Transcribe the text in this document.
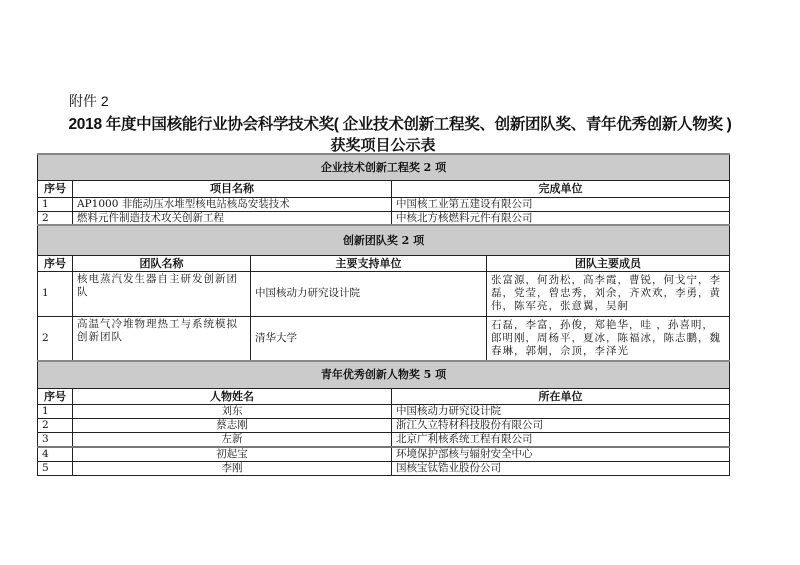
附件 2
2018 年度中国核能行业协会科学技术奖( 企业技术创新工程奖、创新团队奖、青年优秀创新人物奖 )
获奖项目公示表
企业技术创新工程奖 2 项		
序号	项目名称	完成单位
1	AP1000 非能动压水堆型核电站核岛安装技术	中国核工业第五建设有限公司
2	燃料元件制造技术攻关创新工程	中核北方核燃料元件有限公司
创新团队奖 2 项			
序号	团队名称	主要支持单位	团队主要成员
1	核电蒸汽发生器自主研发创新团队	中国核动力研究设计院	张富源，何劲松，高李霞，曹锐，何戈宁，李磊，党莹，曾忠秀，刘余，齐欢欢，李勇，黄伟，陈军亮，张意翼，吴舸
2	高温气冷堆物理热工与系统模拟创新团队	清华大学	石磊，李富，孙俊，郑艳华，哇 ，孙喜明，郎明刚，周杨平，夏冰，陈福冰，陈志鹏，魏春琳，郭炯，佘顶，李泽光
青年优秀创新人物奖 5 项		
序号	人物姓名	所在单位
1	刘东	中国核动力研究设计院
2	蔡志刚	浙江久立特材科技股份有限公司
3	左新	北京广利核系统工程有限公司
4	初起宝	环境保护部核与辐射安全中心
5	李刚	国核宝钛锆业股份公司
